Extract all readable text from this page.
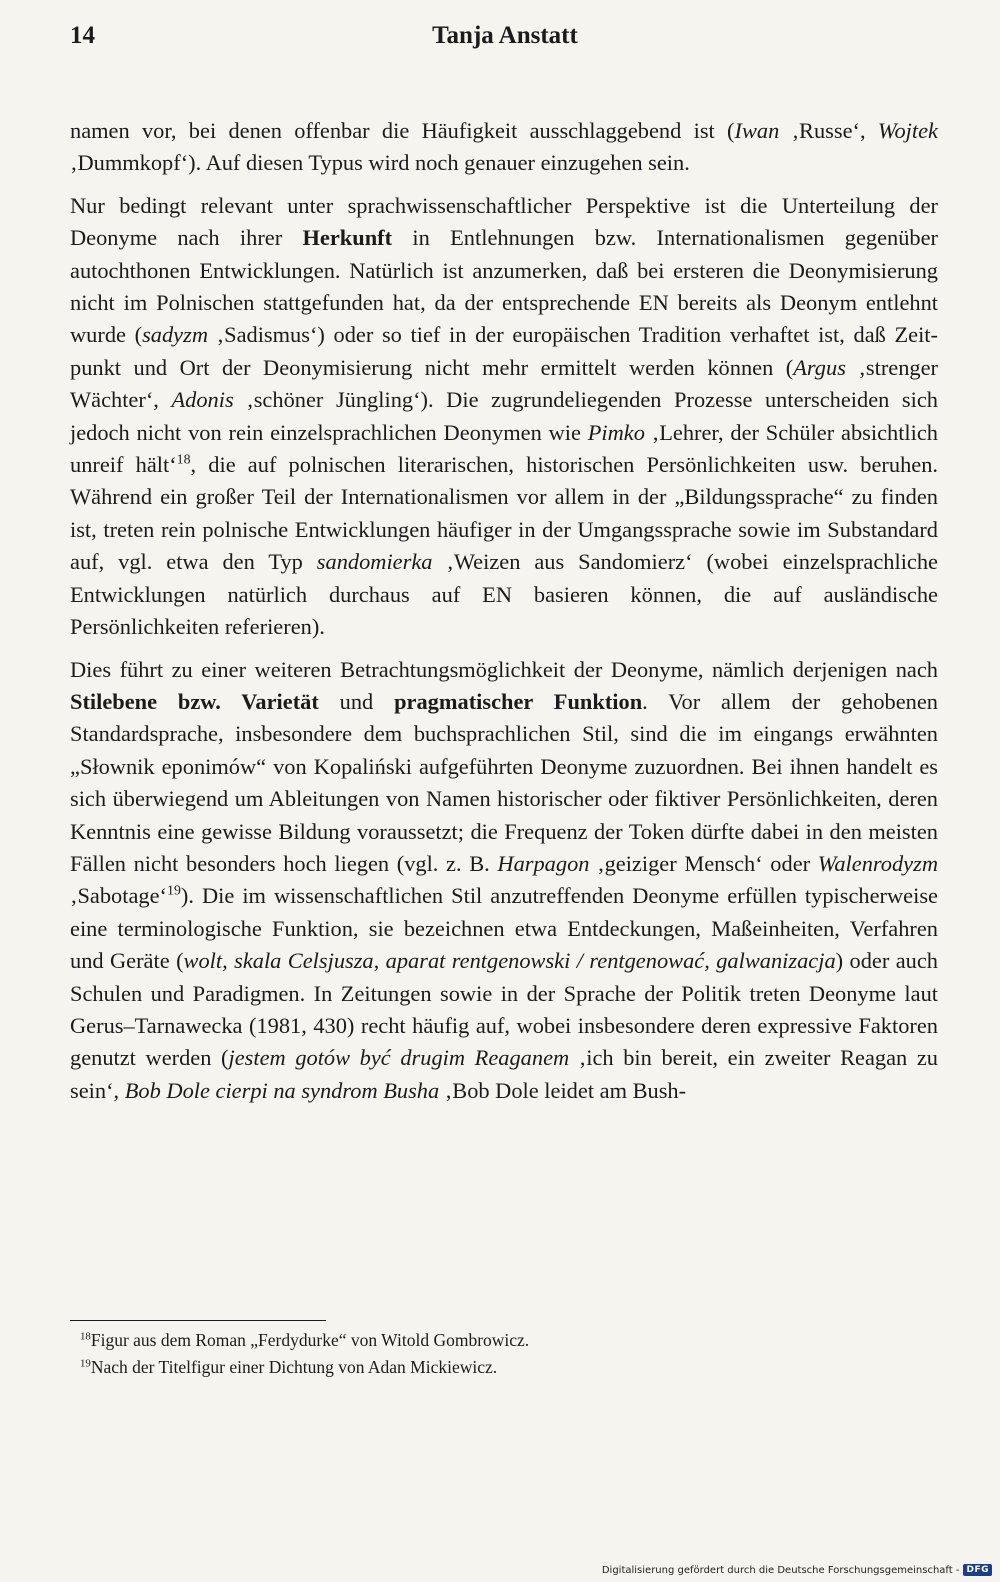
14	Tanja Anstatt

namen vor, bei denen offenbar die Häufigkeit ausschlaggebend ist (Iwan ‚Russe‘, Wojtek ‚Dummkopf‘). Auf diesen Typus wird noch genauer einzugehen sein.

Nur bedingt relevant unter sprachwissenschaftlicher Perspektive ist die Unterteilung der Deonyme nach ihrer Herkunft in Entlehnungen bzw. Internationalismen gegenüber autochthonen Entwicklungen. Natürlich ist anzumerken, daß bei ersteren die Deonymisierung nicht im Polnischen stattgefunden hat, da der entsprechende EN bereits als Deonym entlehnt wurde (sadyzm ‚Sadismus‘) oder so tief in der europäischen Tradition verhaftet ist, daß Zeitpunkt und Ort der Deonymisierung nicht mehr ermittelt werden können (Argus ‚strenger Wächter‘, Adonis ‚schöner Jüngling‘). Die zugrundeliegenden Prozesse unterscheiden sich jedoch nicht von rein einzelsprachlichen Deonymen wie Pimko ‚Lehrer, der Schüler absichtlich unreif hält‘$^{18}$, die auf polnischen literarischen, historischen Persönlichkeiten usw. beruhen. Während ein großer Teil der Internationalismen vor allem in der „Bildungssprache“ zu finden ist, treten rein polnische Entwicklungen häufiger in der Umgangssprache sowie im Substandard auf, vgl. etwa den Typ sandomierka ‚Weizen aus Sandomierz‘ (wobei einzelsprachliche Entwicklungen natürlich durchaus auf EN basieren können, die auf ausländische Persönlichkeiten referieren).

Dies führt zu einer weiteren Betrachtungsmöglichkeit der Deonyme, nämlich derjenigen nach Stilebene bzw. Varietät und pragmatischer Funktion. Vor allem der gehobenen Standardsprache, insbesondere dem buchsprachlichen Stil, sind die im eingangs erwähnten „Słownik eponimów“ von Kopaliński aufgeführten Deonyme zuzuordnen. Bei ihnen handelt es sich überwiegend um Ableitungen von Namen historischer oder fiktiver Persönlichkeiten, deren Kenntnis eine gewisse Bildung voraussetzt; die Frequenz der Token dürfte dabei in den meisten Fällen nicht besonders hoch liegen (vgl. z. B. Harpagon ‚geiziger Mensch‘ oder Walenrodyzm ‚Sabotage‘$^{19}$). Die im wissenschaftlichen Stil anzutreffenden Deonyme erfüllen typischerweise eine terminologische Funktion, sie bezeichnen etwa Entdeckungen, Maßeinheiten, Verfahren und Geräte (wolt, skala Celsjusza, aparat rentgenowski / rentgenować, galwanizacja) oder auch Schulen und Paradigmen. In Zeitungen sowie in der Sprache der Politik treten Deonyme laut Gerus–Tarnawecka (1981, 430) recht häufig auf, wobei insbesondere deren expressive Faktoren genutzt werden (jestem gotów być drugim Reaganem ‚ich bin bereit, ein zweiter Reagan zu sein‘, Bob Dole cierpi na syndrom Busha ‚Bob Dole leidet am Bush-

$^{18}$Figur aus dem Roman „Ferdydurke“ von Witold Gombrowicz.

$^{19}$Nach der Titelfigur einer Dichtung von Adan Mickiewicz.

Digitalisierung gefördert durch die Deutsche Forschungsgemeinschaft - DFG
